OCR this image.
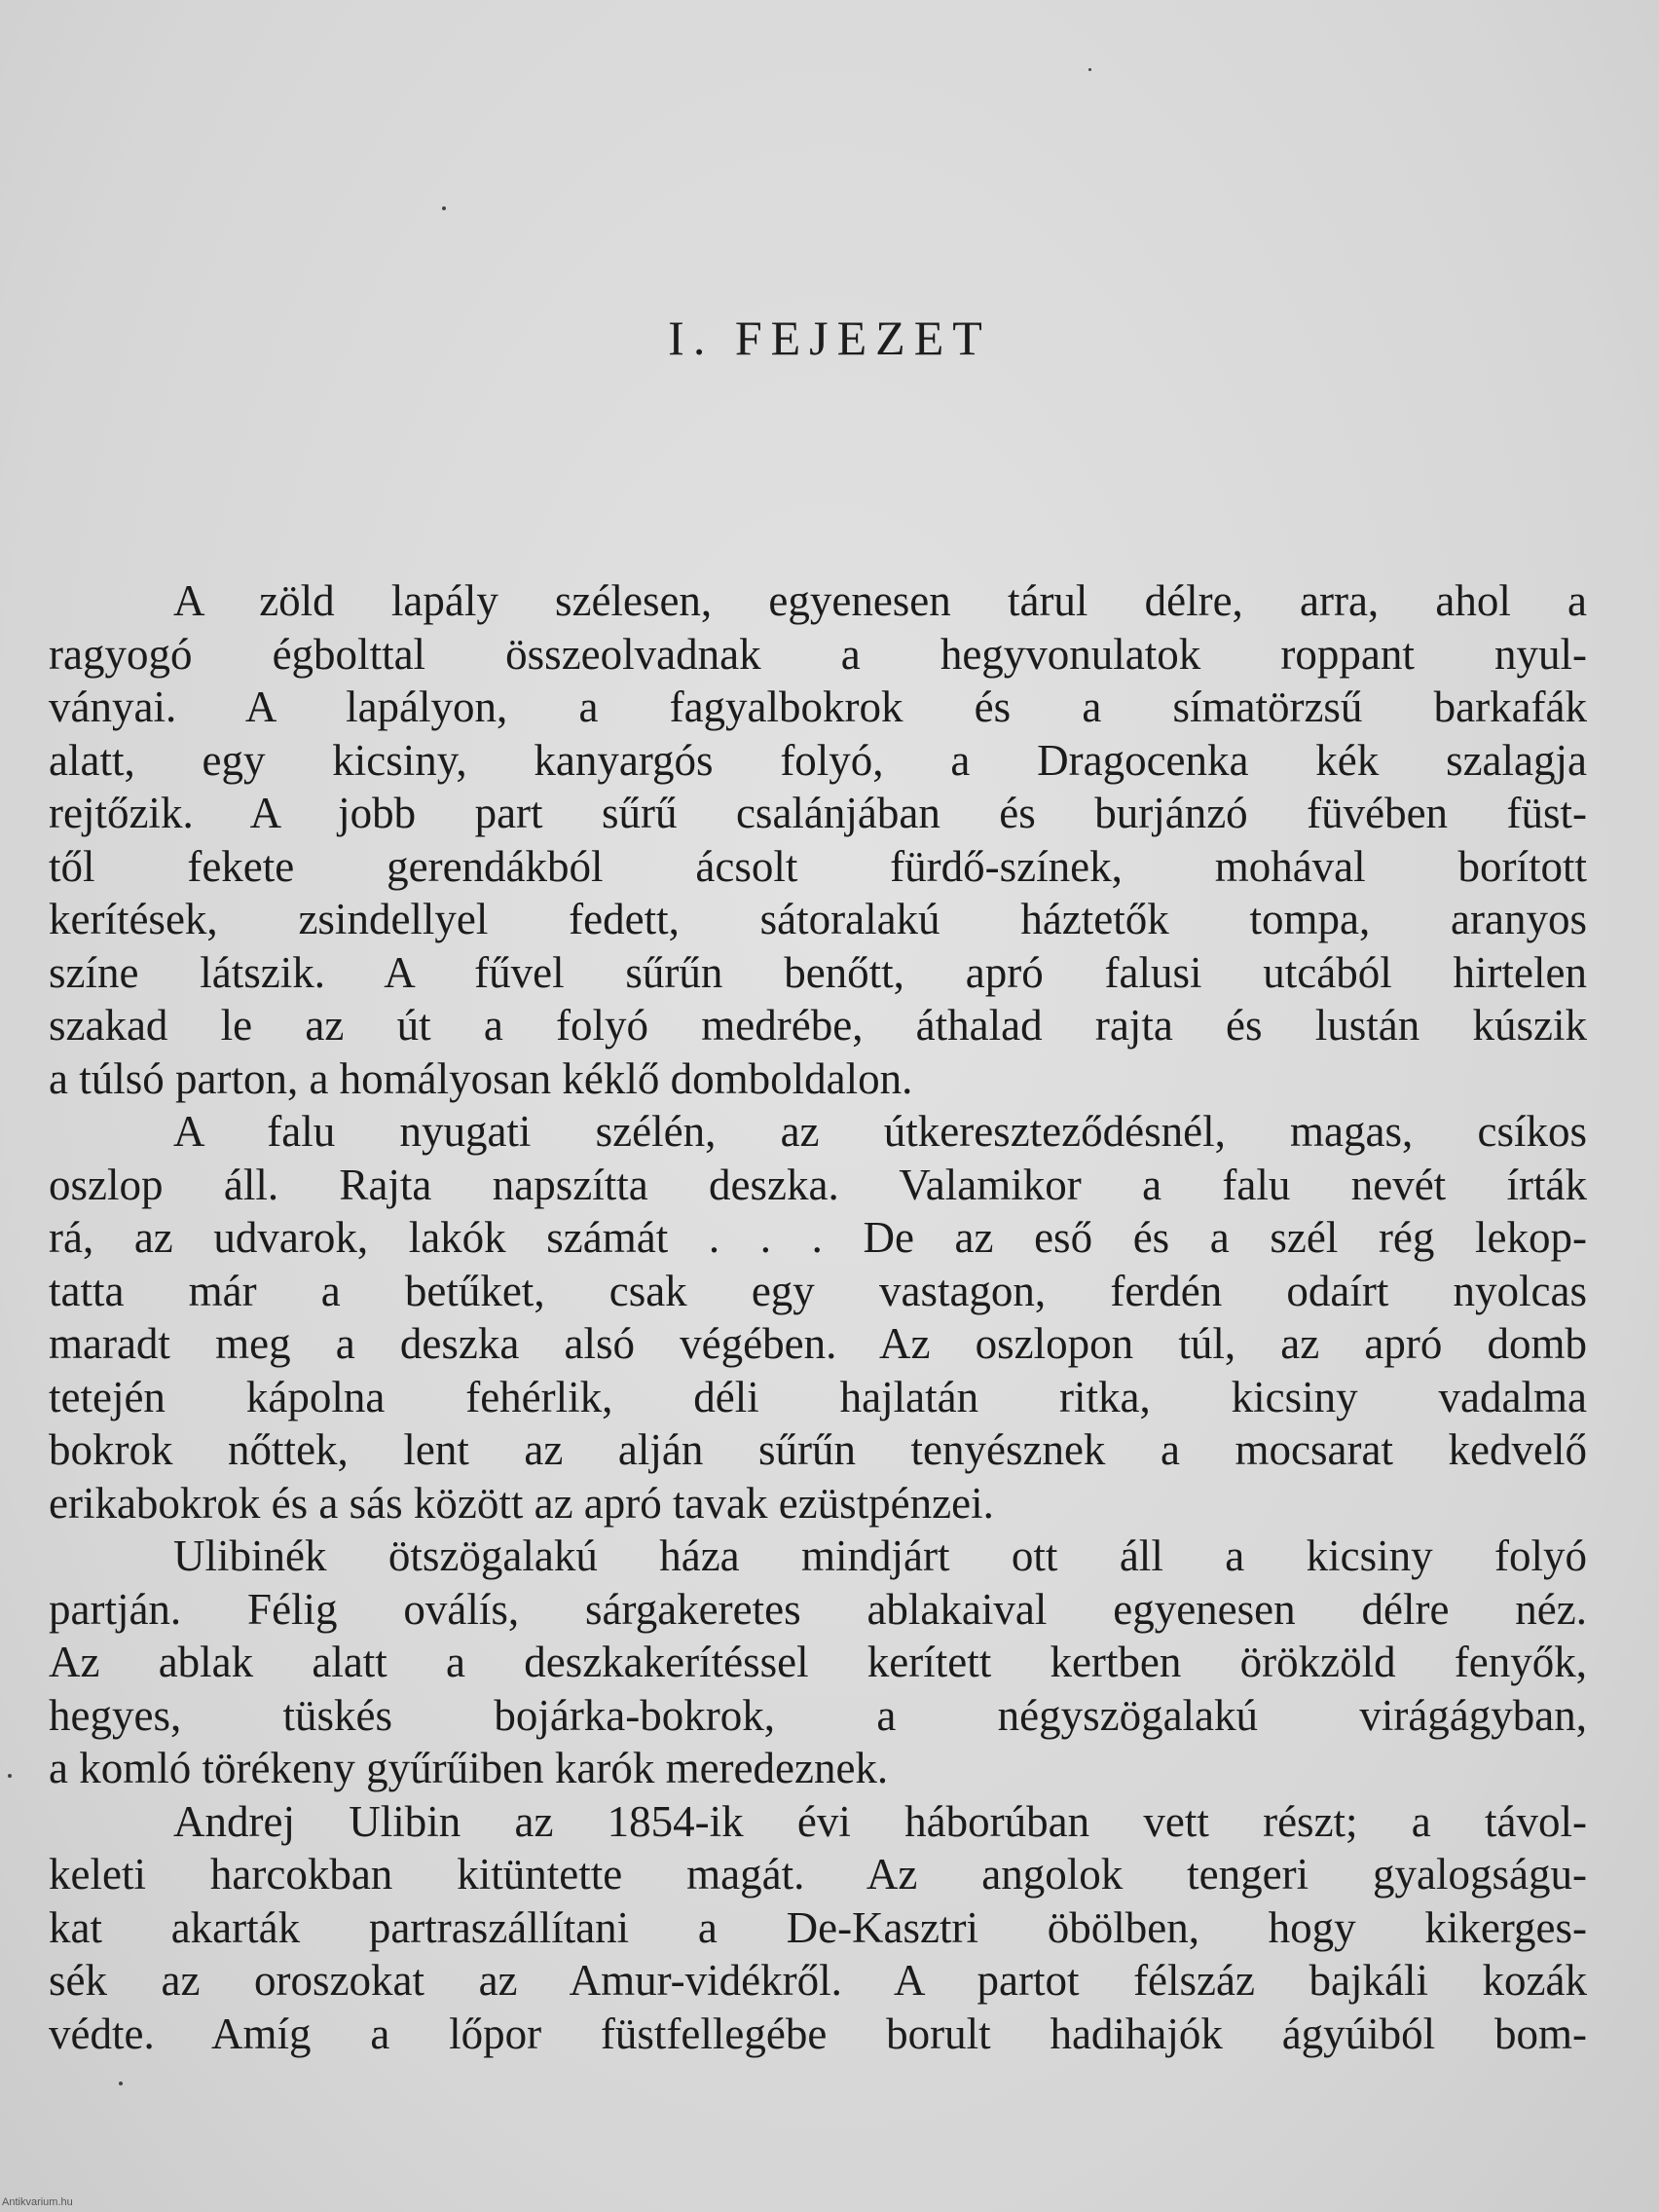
I. FEJEZET
A zöld lapály szélesen, egyenesen tárul délre, arra, ahol a
ragyogó égbolttal összeolvadnak a hegyvonulatok roppant nyul-
ványai. A lapályon, a fagyalbokrok és a símatörzsű barkafák
alatt, egy kicsiny, kanyargós folyó, a Dragocenka kék szalagja
rejtőzik. A jobb part sűrű csalánjában és burjánzó füvében füst-
től fekete gerendákból ácsolt fürdő-színek, mohával borított
kerítések, zsindellyel fedett, sátoralakú háztetők tompa, aranyos
színe látszik. A fűvel sűrűn benőtt, apró falusi utcából hirtelen
szakad le az út a folyó medrébe, áthalad rajta és lustán kúszik
a túlsó parton, a homályosan kéklő domboldalon.
A falu nyugati szélén, az útkereszteződésnél, magas, csíkos
oszlop áll. Rajta napszítta deszka. Valamikor a falu nevét írták
rá, az udvarok, lakók számát . . . De az eső és a szél rég lekop-
tatta már a betűket, csak egy vastagon, ferdén odaírt nyolcas
maradt meg a deszka alsó végében. Az oszlopon túl, az apró domb
tetején kápolna fehérlik, déli hajlatán ritka, kicsiny vadalma
bokrok nőttek, lent az alján sűrűn tenyésznek a mocsarat kedvelő
erikabokrok és a sás között az apró tavak ezüstpénzei.
Ulibinék ötszögalakú háza mindjárt ott áll a kicsiny folyó
partján. Félig oválís, sárgakeretes ablakaival egyenesen délre néz.
Az ablak alatt a deszkakerítéssel kerített kertben örökzöld fenyők,
hegyes, tüskés bojárka-bokrok, a négyszögalakú virágágyban,
a komló törékeny gyűrűiben karók meredeznek.
Andrej Ulibin az 1854-ik évi háborúban vett részt; a távol-
keleti harcokban kitüntette magát. Az angolok tengeri gyalogságu-
kat akarták partraszállítani a De-Kasztri öbölben, hogy kikerges-
sék az oroszokat az Amur-vidékről. A partot félszáz bajkáli kozák
védte. Amíg a lőpor füstfellegébe borult hadihajók ágyúiból bom-
Antikvarium.hu
